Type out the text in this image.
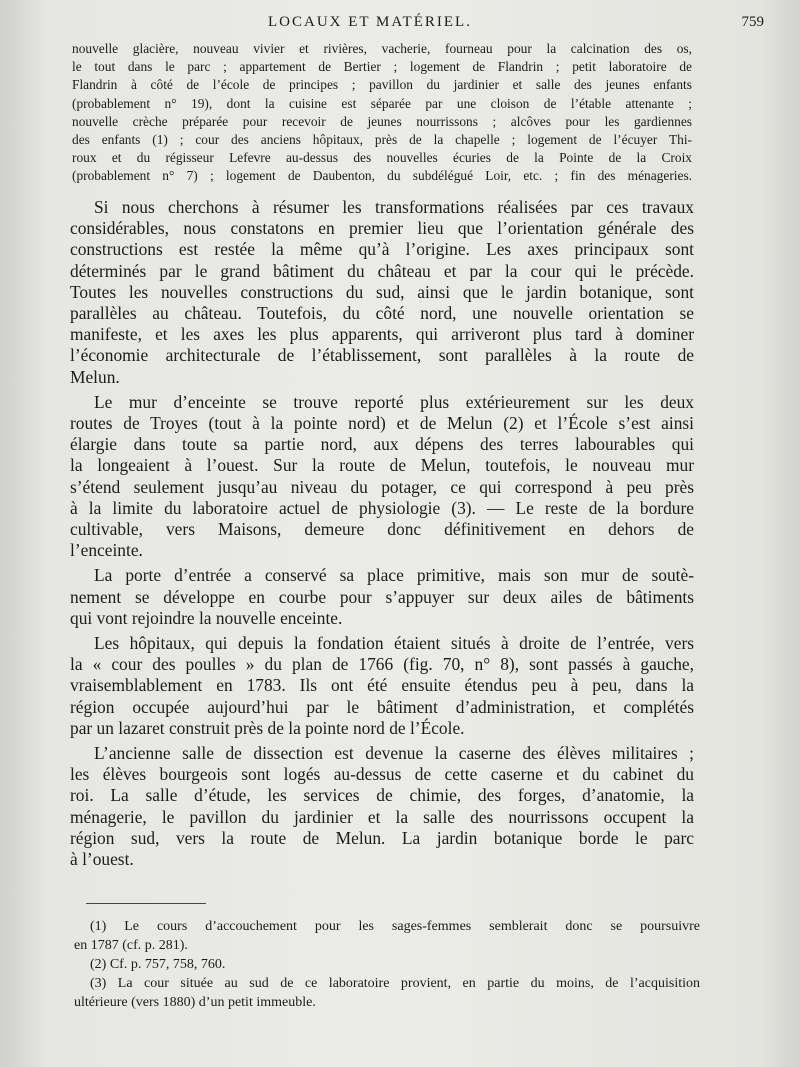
LOCAUX ET MATÉRIEL.	759
nouvelle glacière, nouveau vivier et rivières, vacherie, fourneau pour la calcination des os,
le tout dans le parc ; appartement de Bertier ; logement de Flandrin ; petit laboratoire de
Flandrin à côté de l’école de principes ; pavillon du jardinier et salle des jeunes enfants
(probablement n° 19), dont la cuisine est séparée par une cloison de l’étable attenante ;
nouvelle crèche préparée pour recevoir de jeunes nourrissons ; alcôves pour les gardiennes
des enfants (1) ; cour des anciens hôpitaux, près de la chapelle ; logement de l’écuyer Thi-
roux et du régisseur Lefevre au-dessus des nouvelles écuries de la Pointe de la Croix
(probablement n° 7) ; logement de Daubenton, du subdélégué Loir, etc. ; fin des ménageries.
Si nous cherchons à résumer les transformations réalisées par ces travaux
considérables, nous constatons en premier lieu que l’orientation générale des
constructions est restée la même qu’à l’origine. Les axes principaux sont
déterminés par le grand bâtiment du château et par la cour qui le précède.
Toutes les nouvelles constructions du sud, ainsi que le jardin botanique, sont
parallèles au château. Toutefois, du côté nord, une nouvelle orientation se
manifeste, et les axes les plus apparents, qui arriveront plus tard à dominer
l’économie architecturale de l’établissement, sont parallèles à la route de
Melun.
Le mur d’enceinte se trouve reporté plus extérieurement sur les deux
routes de Troyes (tout à la pointe nord) et de Melun (2) et l’École s’est ainsi
élargie dans toute sa partie nord, aux dépens des terres labourables qui
la longeaient à l’ouest. Sur la route de Melun, toutefois, le nouveau mur
s’étend seulement jusqu’au niveau du potager, ce qui correspond à peu près
à la limite du laboratoire actuel de physiologie (3). — Le reste de la bordure
cultivable, vers Maisons, demeure donc définitivement en dehors de
l’enceinte.
La porte d’entrée a conservé sa place primitive, mais son mur de soutè-
nement se développe en courbe pour s’appuyer sur deux ailes de bâtiments
qui vont rejoindre la nouvelle enceinte.
Les hôpitaux, qui depuis la fondation étaient situés à droite de l’entrée, vers
la « cour des poulles » du plan de 1766 (fig. 70, n° 8), sont passés à gauche,
vraisemblablement en 1783. Ils ont été ensuite étendus peu à peu, dans la
région occupée aujourd’hui par le bâtiment d’administration, et complétés
par un lazaret construit près de la pointe nord de l’École.
L’ancienne salle de dissection est devenue la caserne des élèves militaires ;
les élèves bourgeois sont logés au-dessus de cette caserne et du cabinet du
roi. La salle d’étude, les services de chimie, des forges, d’anatomie, la
ménagerie, le pavillon du jardinier et la salle des nourrissons occupent la
région sud, vers la route de Melun. La jardin botanique borde le parc
à l’ouest.
(1) Le cours d’accouchement pour les sages-femmes semblerait donc se poursuivre
en 1787 (cf. p. 281).
(2) Cf. p. 757, 758, 760.
(3) La cour située au sud de ce laboratoire provient, en partie du moins, de l’acquisition
ultérieure (vers 1880) d’un petit immeuble.
